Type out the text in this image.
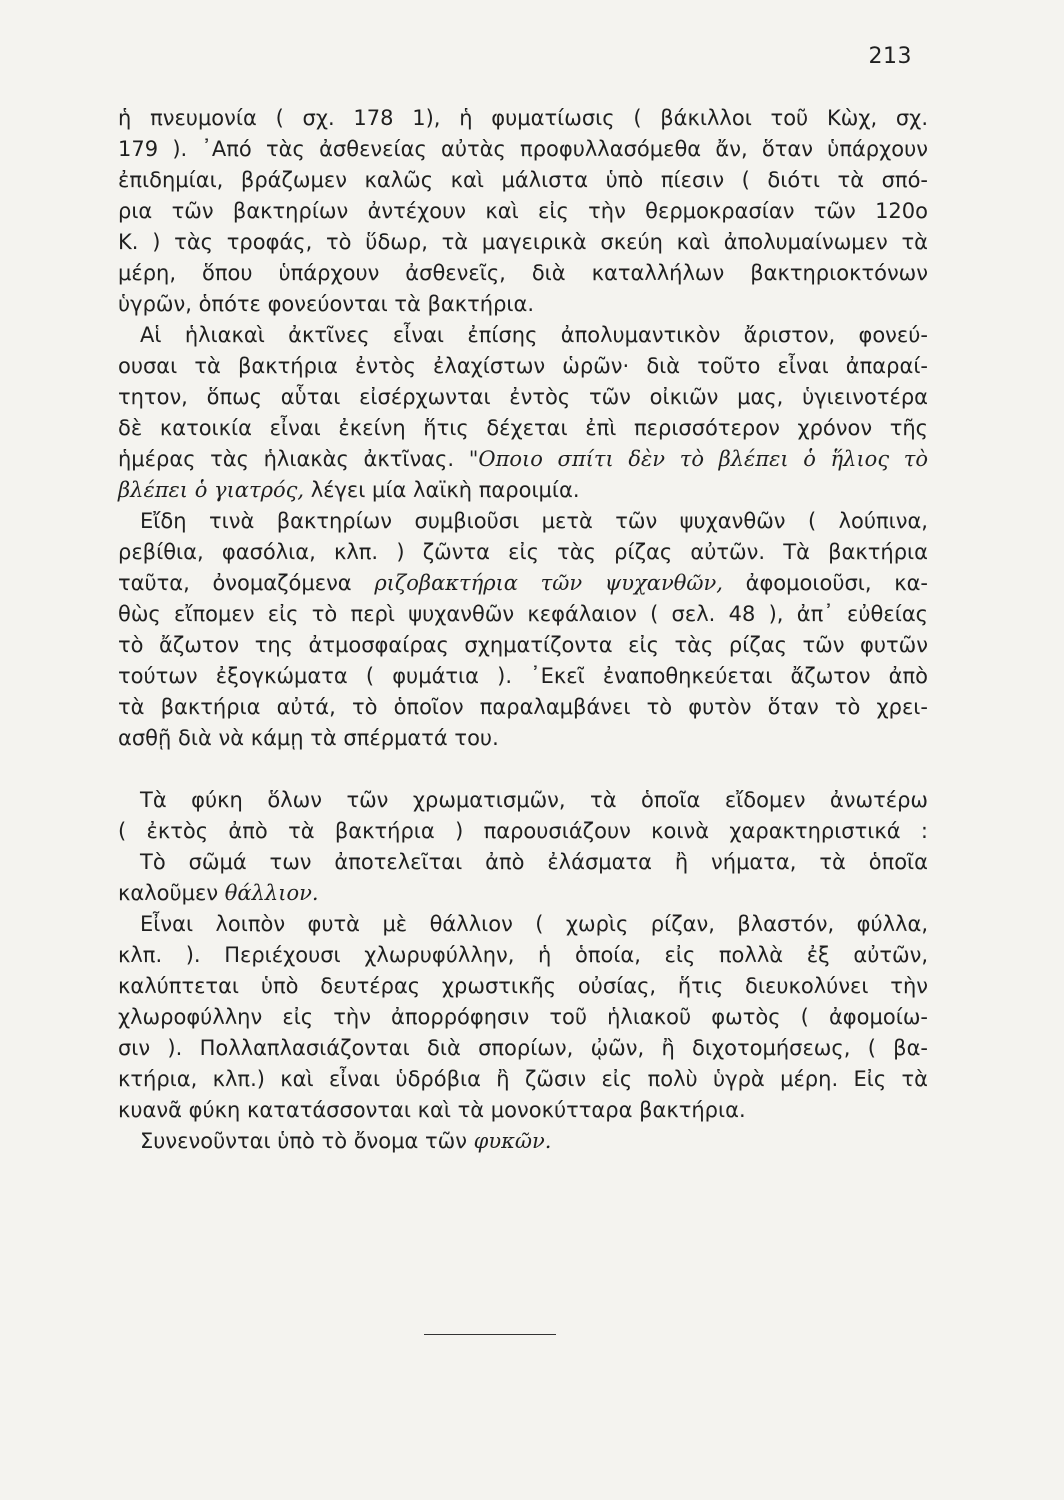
213
ἡ πνευμονία ( σχ. 178 1), ἡ φυματίωσις ( βάκιλλοι τοῦ Κὼχ, σχ.
179 ). ᾿Από τὰς ἀσθενείας αὐτὰς προφυλλασόμεθα ἄν, ὅταν ὑπάρχουν
ἐπιδημίαι, βράζωμεν καλῶς καὶ μάλιστα ὑπὸ πίεσιν ( διότι τὰ σπό-
ρια τῶν βακτηρίων ἀντέχουν καὶ εἰς τὴν θερμοκρασίαν τῶν 120ο
Κ. ) τὰς τροφάς, τὸ ὕδωρ, τὰ μαγειρικὰ σκεύη καὶ ἀπολυμαίνωμεν τὰ
μέρη, ὅπου ὑπάρχουν ἀσθενεῖς, διὰ καταλλήλων βακτηριοκτόνων
ὑγρῶν, ὁπότε φονεύονται τὰ βακτήρια.
Αἱ ἡλιακαὶ ἀκτῖνες εἶναι ἐπίσης ἀπολυμαντικὸν ἄριστον, φονεύ-
ουσαι τὰ βακτήρια ἐντὸς ἐλαχίστων ὡρῶν· διὰ τοῦτο εἶναι ἀπαραί-
τητον, ὅπως αὗται εἰσέρχωνται ἐντὸς τῶν οἰκιῶν μας, ὑγιεινοτέρα
δὲ κατοικία εἶναι ἐκείνη ἥτις δέχεται ἐπὶ περισσότερον χρόνον τῆς
ἡμέρας τὰς ἡλιακὰς ἀκτῖνας. "Οποιο σπίτι δὲν τὸ βλέπει ὁ ἥλιος τὸ
βλέπει ὁ γιατρός, λέγει μία λαϊκὴ παροιμία.
Εἴδη τινὰ βακτηρίων συμβιοῦσι μετὰ τῶν ψυχανθῶν ( λούπινα,
ρεβίθια, φασόλια, κλπ. ) ζῶντα εἰς τὰς ρίζας αὐτῶν. Τὰ βακτήρια
ταῦτα, ὀνομαζόμενα ριζοβακτήρια τῶν ψυχανθῶν, ἀφομοιοῦσι, κα-
θὼς εἴπομεν εἰς τὸ περὶ ψυχανθῶν κεφάλαιον ( σελ. 48 ), ἀπ᾿ εὐθείας
τὸ ἄζωτον της ἀτμοσφαίρας σχηματίζοντα εἰς τὰς ρίζας τῶν φυτῶν
τούτων ἐξογκώματα ( φυμάτια ). ᾿Εκεῖ ἐναποθηκεύεται ἄζωτον ἀπὸ
τὰ βακτήρια αὐτά, τὸ ὁποῖον παραλαμβάνει τὸ φυτὸν ὅταν τὸ χρει-
ασθῇ διὰ νὰ κάμῃ τὰ σπέρματά του.
Τὰ φύκη ὅλων τῶν χρωματισμῶν, τὰ ὁποῖα εἴδομεν ἀνωτέρω
( ἐκτὸς ἀπὸ τὰ βακτήρια ) παρουσιάζουν κοινὰ χαρακτηριστικά :
Τὸ σῶμά των ἀποτελεῖται ἀπὸ ἐλάσματα ἢ νήματα, τὰ ὁποῖα
καλοῦμεν θάλλιον.
Εἶναι λοιπὸν φυτὰ μὲ θάλλιον ( χωρὶς ρίζαν, βλαστόν, φύλλα,
κλπ. ). Περιέχουσι χλωρυφύλλην, ἡ ὁποία, εἰς πολλὰ ἐξ αὐτῶν,
καλύπτεται ὑπὸ δευτέρας χρωστικῆς οὐσίας, ἥτις διευκολύνει τὴν
χλωροφύλλην εἰς τὴν ἀπορρόφησιν τοῦ ἡλιακοῦ φωτὸς ( ἀφομοίω-
σιν ). Πολλαπλασιάζονται διὰ σπορίων, ᾠῶν, ἢ διχοτομήσεως, ( βα-
κτήρια, κλπ.) καὶ εἶναι ὑδρόβια ἢ ζῶσιν εἰς πολὺ ὑγρὰ μέρη. Εἰς τὰ
κυανᾶ φύκη κατατάσσονται καὶ τὰ μονοκύτταρα βακτήρια.
Συνενοῦνται ὑπὸ τὸ ὄνομα τῶν φυκῶν.
